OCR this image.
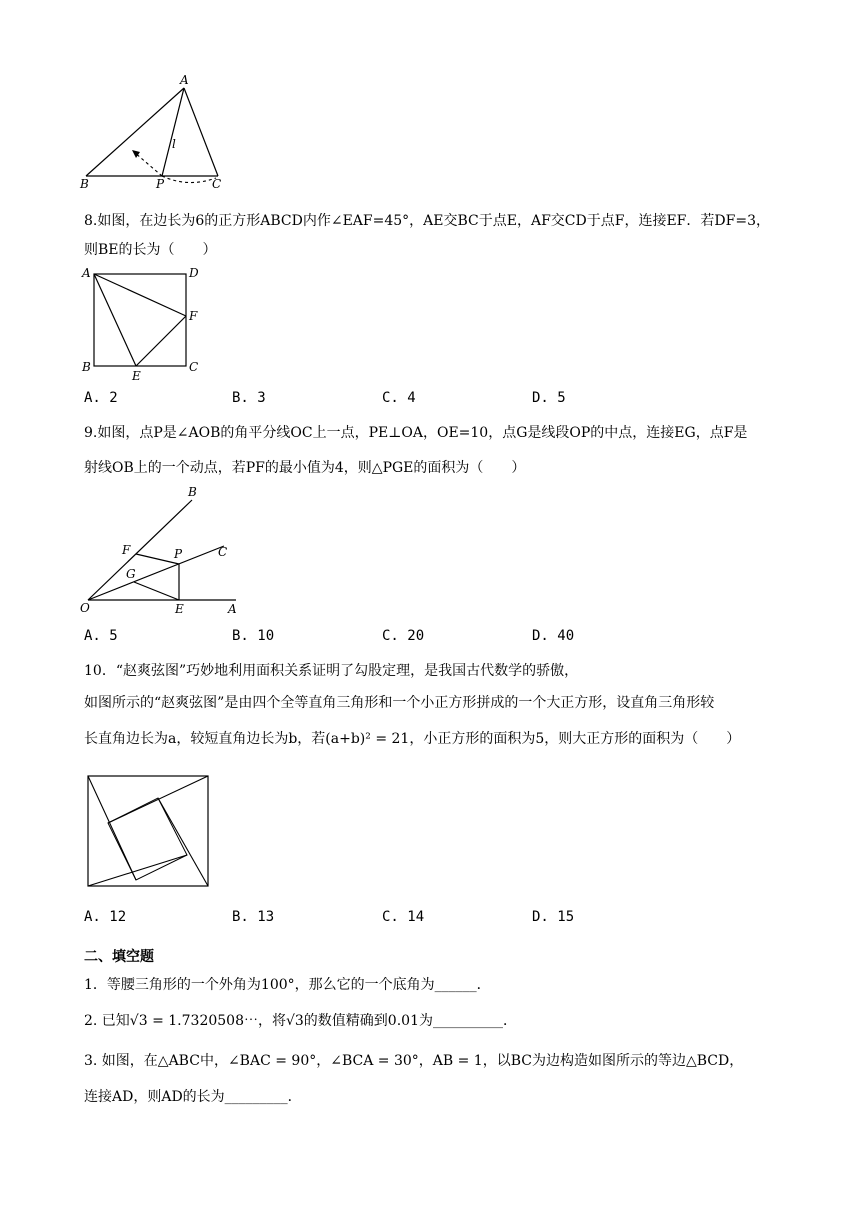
A
B	P	C
l
8.如图，在边长为6的正方形ABCD内作∠EAF=45°，AE交BC于点E，AF交CD于点F，连接EF．若DF=3，
则BE的长为（　　）
A	D
F
B
E
C
A. 2	B. 3	C. 4	D. 5
9.如图，点P是∠AOB的角平分线OC上一点，PE⊥OA，OE=10，点G是线段OP的中点，连接EG，点F是
射线OB上的一个动点，若PF的最小值为4，则△PGE的面积为（　　）
B
F	P	C
G
O	E	A
A. 5	B. 10	C. 20	D. 40
10．“赵爽弦图”巧妙地利用面积关系证明了勾股定理，是我国古代数学的骄傲，
如图所示的“赵爽弦图”是由四个全等直角三角形和一个小正方形拼成的一个大正方形，设直角三角形较
长直角边长为a，较短直角边长为b，若(a+b)² = 21，小正方形的面积为5，则大正方形的面积为（　　）
A. 12	B. 13	C. 14	D. 15
二、填空题
1．等腰三角形的一个外角为100°，那么它的一个底角为______．
2. 已知√3 = 1.7320508⋯，将√3的数值精确到0.01为__________．
3. 如图，在△ABC中，∠BAC = 90°，∠BCA = 30°，AB = 1，以BC为边构造如图所示的等边△BCD，
连接AD，则AD的长为_________．
